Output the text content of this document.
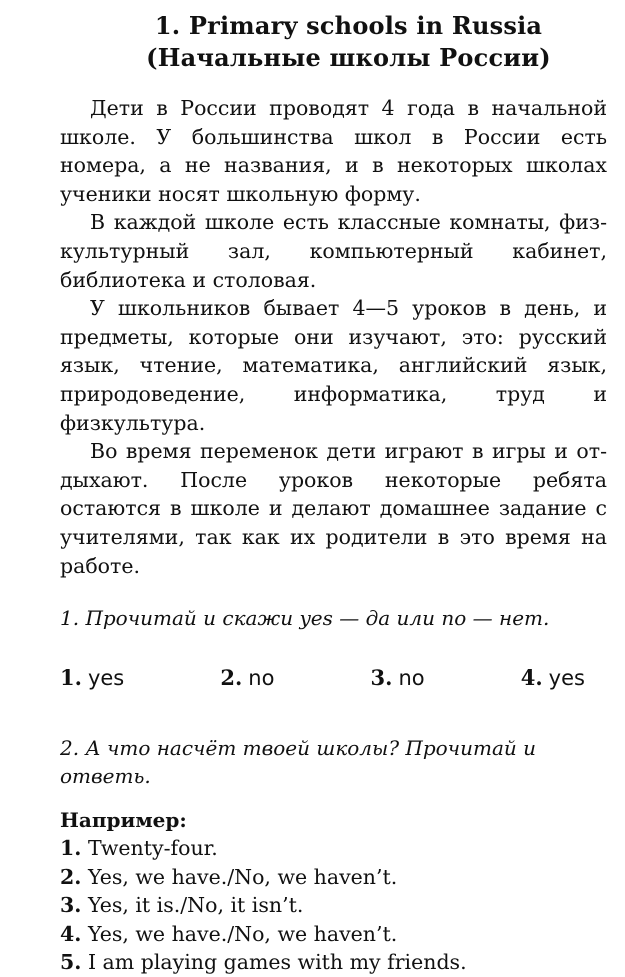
1. Primary schools in Russia
(Начальные школы России)

Дети в России проводят 4 года в начальной школе. У большинства школ в России есть номера, а не названия, и в некоторых школах ученики носят школьную форму.

В каждой школе есть классные комнаты, физкультурный зал, компьютерный кабинет, библиотека и столовая.

У школьников бывает 4—5 уроков в день, и предметы, которые они изучают, это: русский язык, чтение, математика, английский язык, природоведение, информатика, труд и физкультура.

Во время переменок дети играют в игры и отдыхают. После уроков некоторые ребята остаются в школе и делают домашнее задание с учителями, так как их родители в это время на работе.

1. Прочитай и скажи yes — да или no — нет.

1. yes	2. no	3. no	4. yes

2. А что насчёт твоей школы? Прочитай и ответь.

Например:

1. Twenty-four.
2. Yes, we have./No, we haven’t.
3. Yes, it is./No, it isn’t.
4. Yes, we have./No, we haven’t.
5. I am playing games with my friends.
